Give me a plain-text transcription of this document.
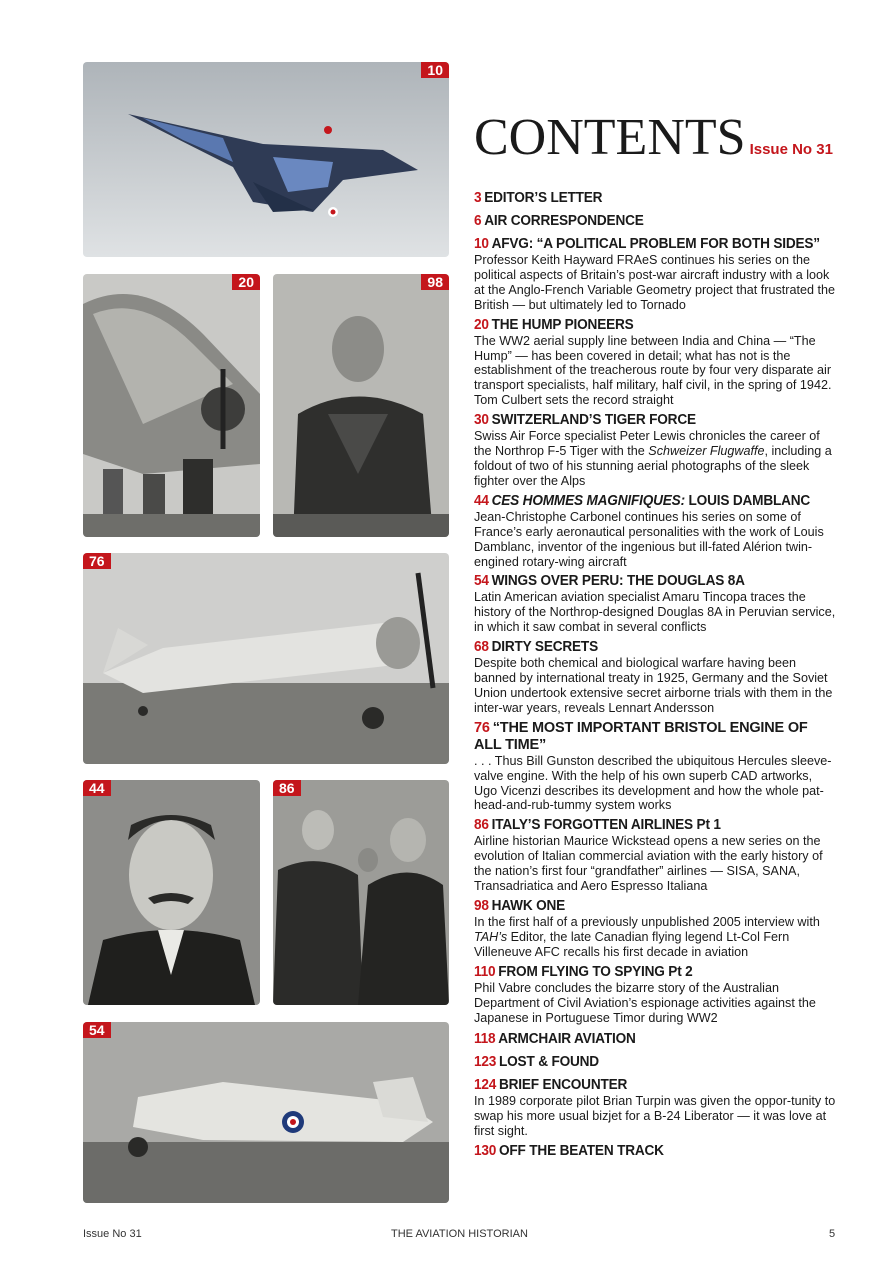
10
20	98
76
44	86
54
CONTENTS Issue No 31
3 EDITOR’S LETTER
6 AIR CORRESPONDENCE
10 AFVG: “A POLITICAL PROBLEM FOR BOTH SIDES”
Professor Keith Hayward FRAeS continues his series on the political aspects of Britain’s post-war aircraft industry with a look at the Anglo-French Variable Geometry project that frustrated the British — but ultimately led to Tornado
20 THE HUMP PIONEERS
The WW2 aerial supply line between India and China — “The Hump” — has been covered in detail; what has not is the establishment of the treacherous route by four very disparate air transport specialists, half military, half civil, in the spring of 1942. Tom Culbert sets the record straight
30 SWITZERLAND’S TIGER FORCE
Swiss Air Force specialist Peter Lewis chronicles the career of the Northrop F-5 Tiger with the Schweizer Flugwaffe, including a foldout of two of his stunning aerial photographs of the sleek fighter over the Alps
44 CES HOMMES MAGNIFIQUES: LOUIS DAMBLANC
Jean-Christophe Carbonel continues his series on some of France’s early aeronautical personalities with the work of Louis Damblanc, inventor of the ingenious but ill-fated Alérion twin-engined rotary-wing aircraft
54 WINGS OVER PERU: THE DOUGLAS 8A
Latin American aviation specialist Amaru Tincopa traces the history of the Northrop-designed Douglas 8A in Peruvian service, in which it saw combat in several conflicts
68 DIRTY SECRETS
Despite both chemical and biological warfare having been banned by international treaty in 1925, Germany and the Soviet Union undertook extensive secret airborne trials with them in the inter-war years, reveals Lennart Andersson
76 “THE MOST IMPORTANT BRISTOL ENGINE OF ALL TIME”
. . . Thus Bill Gunston described the ubiquitous Hercules sleeve-valve engine. With the help of his own superb CAD artworks, Ugo Vicenzi describes its development and how the whole pat-head-and-rub-tummy system works
86 ITALY’S FORGOTTEN AIRLINES Pt 1
Airline historian Maurice Wickstead opens a new series on the evolution of Italian commercial aviation with the early history of the nation’s first four “grandfather” airlines — SISA, SANA, Transadriatica and Aero Espresso Italiana
98 HAWK ONE
In the first half of a previously unpublished 2005 interview with TAH’s Editor, the late Canadian flying legend Lt-Col Fern Villeneuve AFC recalls his first decade in aviation
110 FROM FLYING TO SPYING Pt 2
Phil Vabre concludes the bizarre story of the Australian Department of Civil Aviation’s espionage activities against the Japanese in Portuguese Timor during WW2
118 ARMCHAIR AVIATION
123 LOST & FOUND
124 BRIEF ENCOUNTER
In 1989 corporate pilot Brian Turpin was given the oppor-tunity to swap his more usual bizjet for a B-24 Liberator — it was love at first sight.
130 OFF THE BEATEN TRACK
Issue No 31	THE AVIATION HISTORIAN	5
